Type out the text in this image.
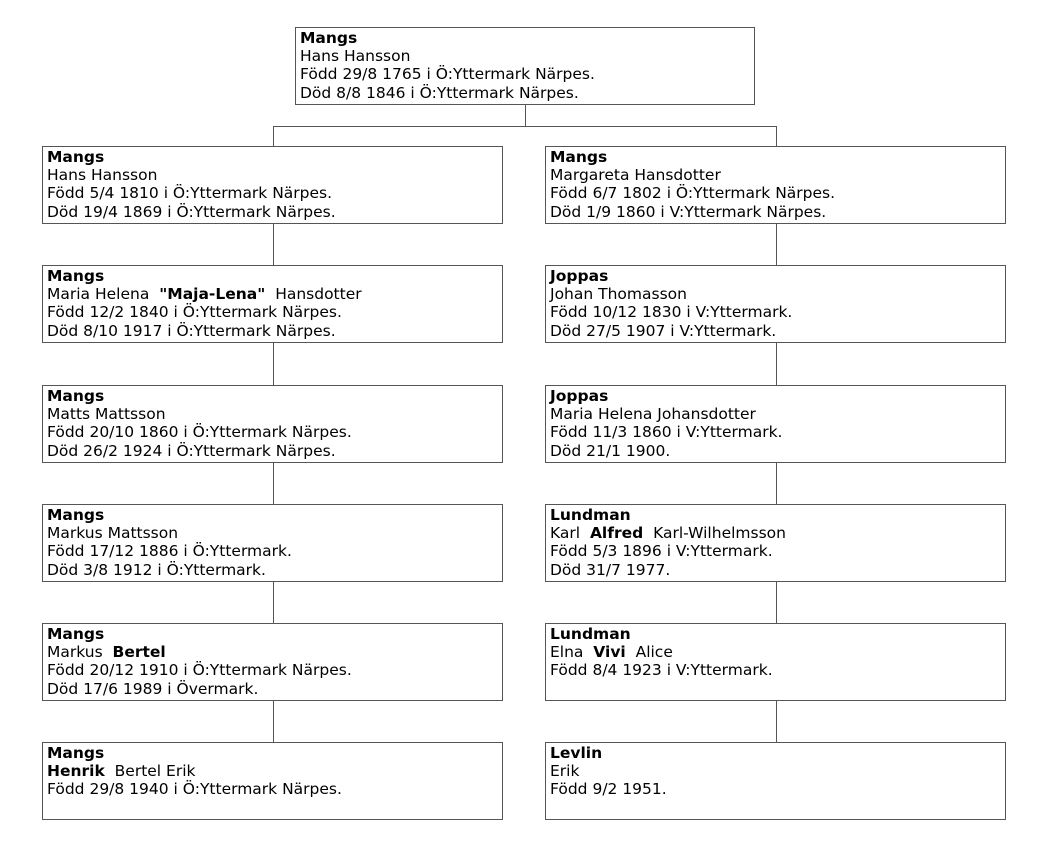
Mangs
Hans Hansson
Född 29/8 1765 i Ö:Yttermark Närpes.
Död 8/8 1846 i Ö:Yttermark Närpes.
Mangs
Hans Hansson
Född 5/4 1810 i Ö:Yttermark Närpes.
Död 19/4 1869 i Ö:Yttermark Närpes.
Mangs
Maria Helena "Maja-Lena" Hansdotter
Född 12/2 1840 i Ö:Yttermark Närpes.
Död 8/10 1917 i Ö:Yttermark Närpes.
Mangs
Matts Mattsson
Född 20/10 1860 i Ö:Yttermark Närpes.
Död 26/2 1924 i Ö:Yttermark Närpes.
Mangs
Markus Mattsson
Född 17/12 1886 i Ö:Yttermark.
Död 3/8 1912 i Ö:Yttermark.
Mangs
Markus Bertel
Född 20/12 1910 i Ö:Yttermark Närpes.
Död 17/6 1989 i Övermark.
Mangs
Henrik Bertel Erik
Född 29/8 1940 i Ö:Yttermark Närpes.
Mangs
Margareta Hansdotter
Född 6/7 1802 i Ö:Yttermark Närpes.
Död 1/9 1860 i V:Yttermark Närpes.
Joppas
Johan Thomasson
Född 10/12 1830 i V:Yttermark.
Död 27/5 1907 i V:Yttermark.
Joppas
Maria Helena Johansdotter
Född 11/3 1860 i V:Yttermark.
Död 21/1 1900.
Lundman
Karl Alfred Karl-Wilhelmsson
Född 5/3 1896 i V:Yttermark.
Död 31/7 1977.
Lundman
Elna Vivi Alice
Född 8/4 1923 i V:Yttermark.
Levlin
Erik
Född 9/2 1951.
